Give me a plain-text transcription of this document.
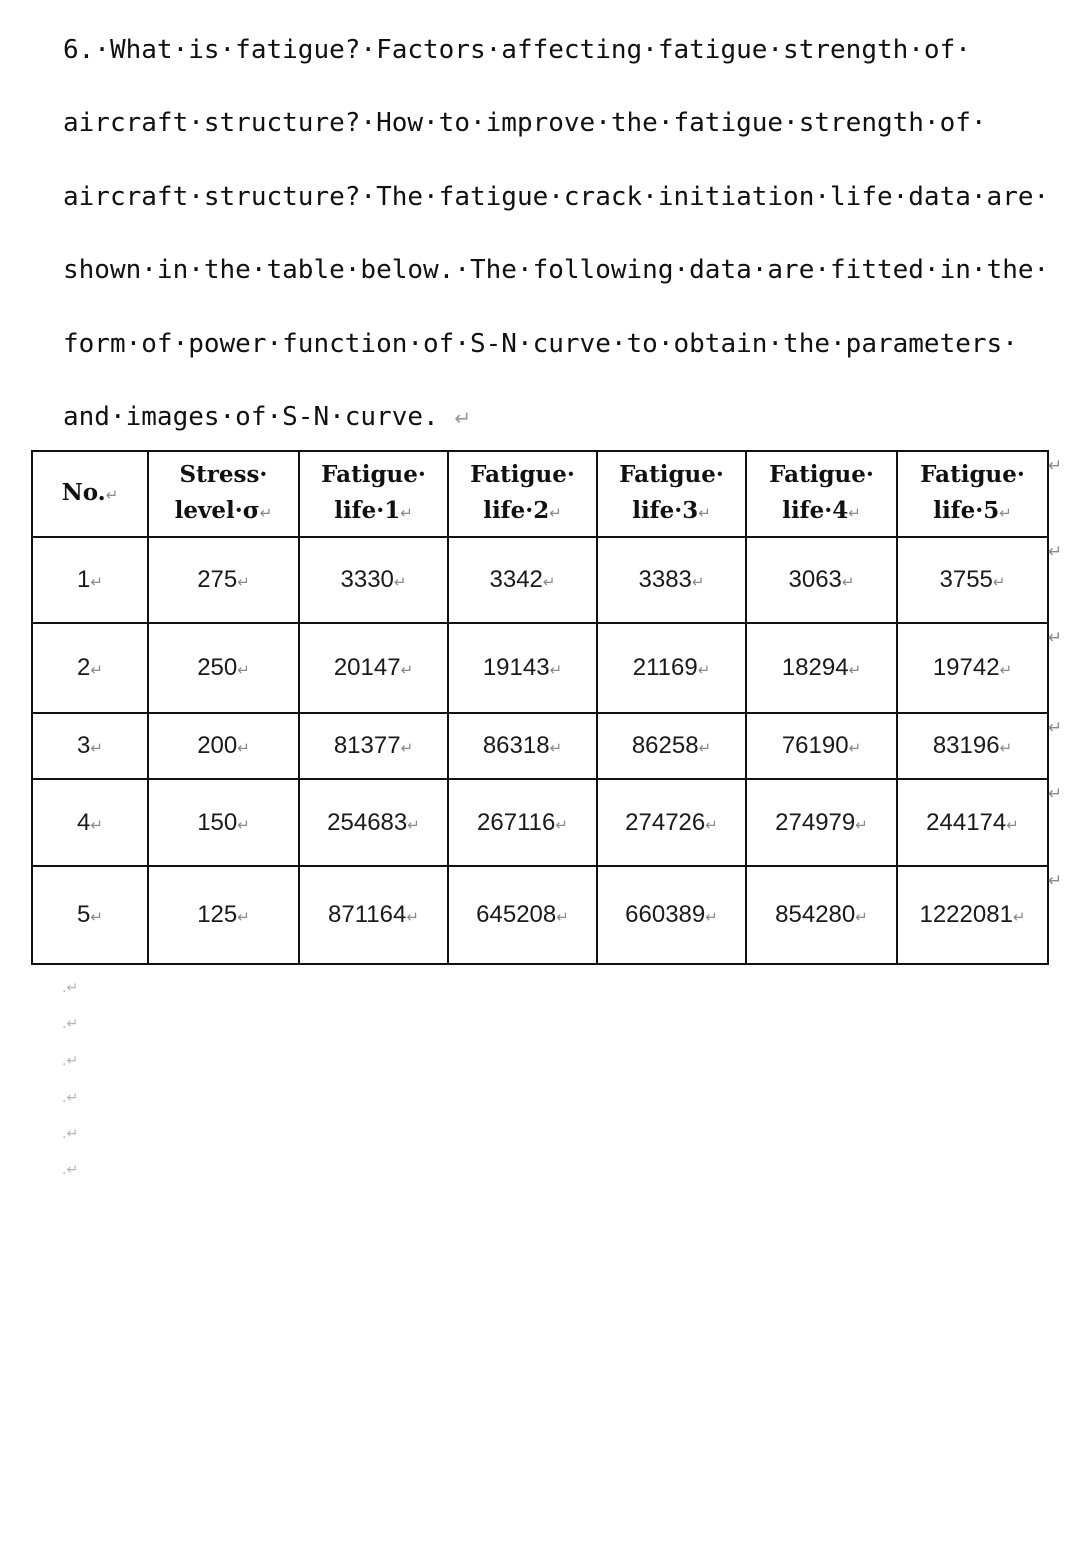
6.·What·is·fatigue?·Factors·affecting·fatigue·strength·of·
aircraft·structure?·How·to·improve·the·fatigue·strength·of·
aircraft·structure?·The·fatigue·crack·initiation·life·data·are·
shown·in·the·table·below.·The·following·data·are·fitted·in·the·
form·of·power·function·of·S-N·curve·to·obtain·the·parameters·
and·images·of·S-N·curve. ↵
No.↵	Stress·
level·σ↵	Fatigue·
life·1↵	Fatigue·
life·2↵	Fatigue·
life·3↵	Fatigue·
life·4↵	Fatigue·
life·5↵
1↵	275↵	3330↵	3342↵	3383↵	3063↵	3755↵
2↵	250↵	20147↵	19143↵	21169↵	18294↵	19742↵
3↵	200↵	81377↵	86318↵	86258↵	76190↵	83196↵
4↵	150↵	254683↵	267116↵	274726↵	274979↵	244174↵
5↵	125↵	871164↵	645208↵	660389↵	854280↵	1222081↵
↵
↵
↵
↵
↵
↵
.↵
.↵
.↵
.↵
.↵
.↵
